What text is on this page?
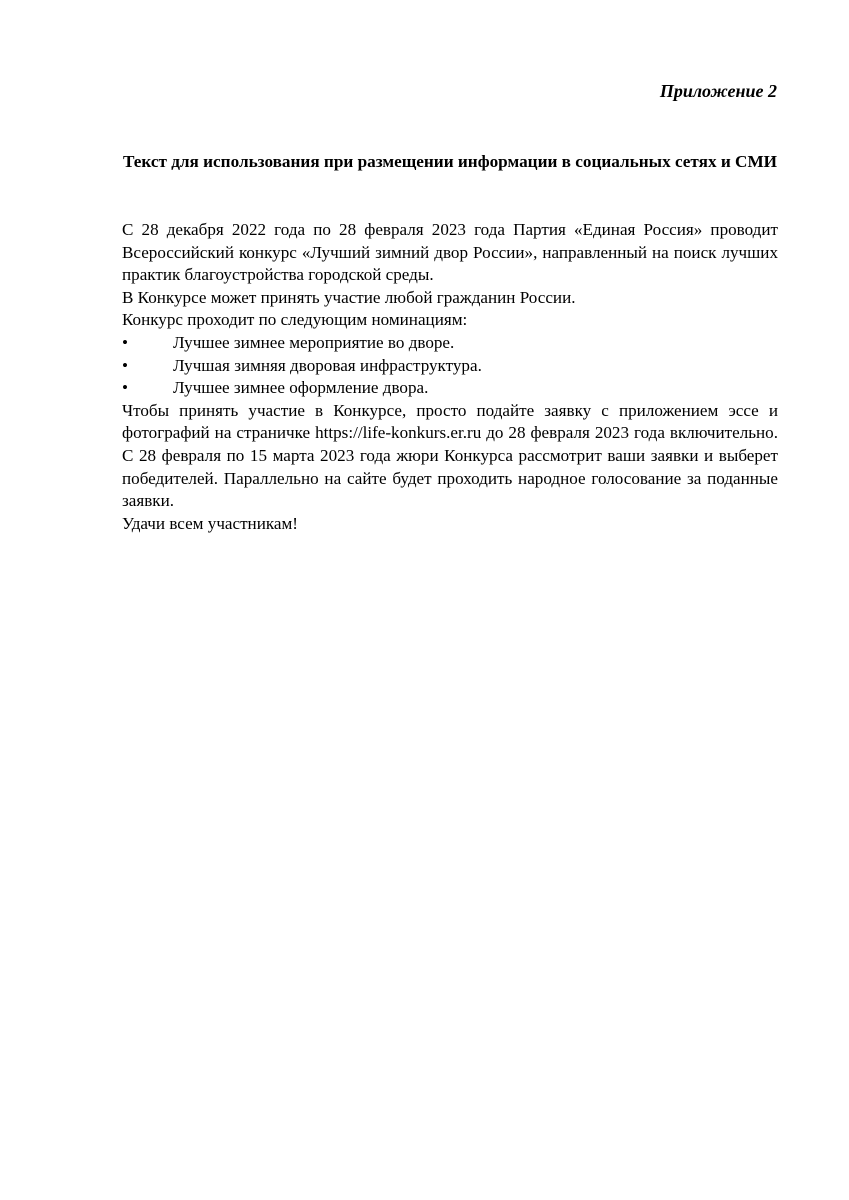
Приложение 2
Текст для использования при размещении информации в социальных сетях и СМИ

С 28 декабря 2022 года по 28 февраля 2023 года Партия «Единая Россия» проводит Всероссийский конкурс «Лучший зимний двор России», направленный на поиск лучших практик благоустройства городской среды.

В Конкурсе может принять участие любой гражданин России.

Конкурс проходит по следующим номинациям:

•	Лучшее зимнее мероприятие во дворе.
•	Лучшая зимняя дворовая инфраструктура.
•	Лучшее зимнее оформление двора.

Чтобы принять участие в Конкурсе, просто подайте заявку с приложением эссе и фотографий на страничке https://life-konkurs.er.ru до 28 февраля 2023 года включительно. С 28 февраля по 15 марта 2023 года жюри Конкурса рассмотрит ваши заявки и выберет победителей. Параллельно на сайте будет проходить народное голосование за поданные заявки.

Удачи всем участникам!
